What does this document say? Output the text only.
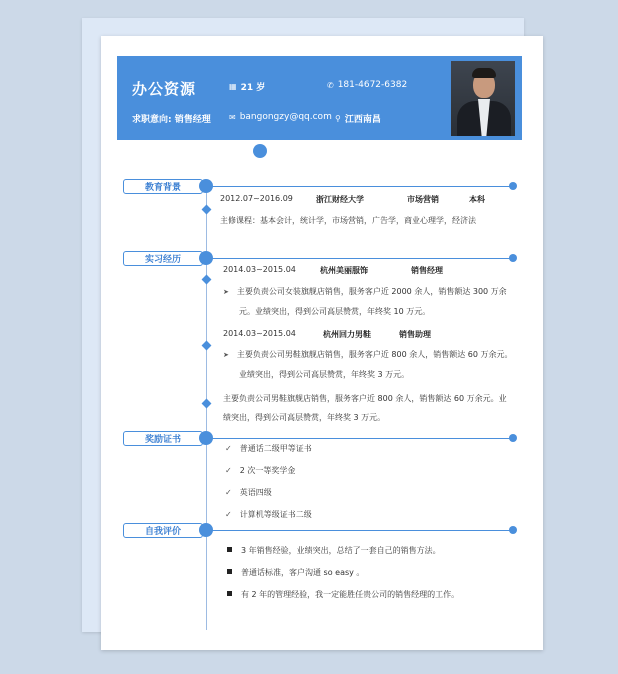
办公资源
求职意向: 销售经理
▦ 21 岁	✆ 181-4672-6382
✉ bangongzy@qq.com ⚲ 江西南昌
教育背景
2012.07~2016.09	浙江财经大学	市场营销	本科
主修课程：基本会计，统计学，市场营销，广告学，商业心理学，经济法
实习经历
2014.03~2015.04	杭州美丽服饰	销售经理
➤ 主要负责公司女装旗舰店销售，服务客户近 2000 余人，销售额达 300 万余
元。业绩突出，得到公司高层赞赏，年终奖 10 万元。
2014.03~2015.04	杭州回力男鞋	销售助理
➤ 主要负责公司男鞋旗舰店销售，服务客户近 800 余人，销售额达 60 万余元。
业绩突出，得到公司高层赞赏，年终奖 3 万元。
主要负责公司男鞋旗舰店销售，服务客户近 800 余人，销售额达 60 万余元。业
绩突出，得到公司高层赞赏，年终奖 3 万元。
奖励证书
✓ 普通话二级甲等证书
✓ 2 次一等奖学金
✓ 英语四级
✓ 计算机等级证书二级
自我评价
3 年销售经验，业绩突出，总结了一套自己的销售方法。
普通话标准，客户沟通 so easy 。
有 2 年的管理经验，我一定能胜任贵公司的销售经理的工作。
